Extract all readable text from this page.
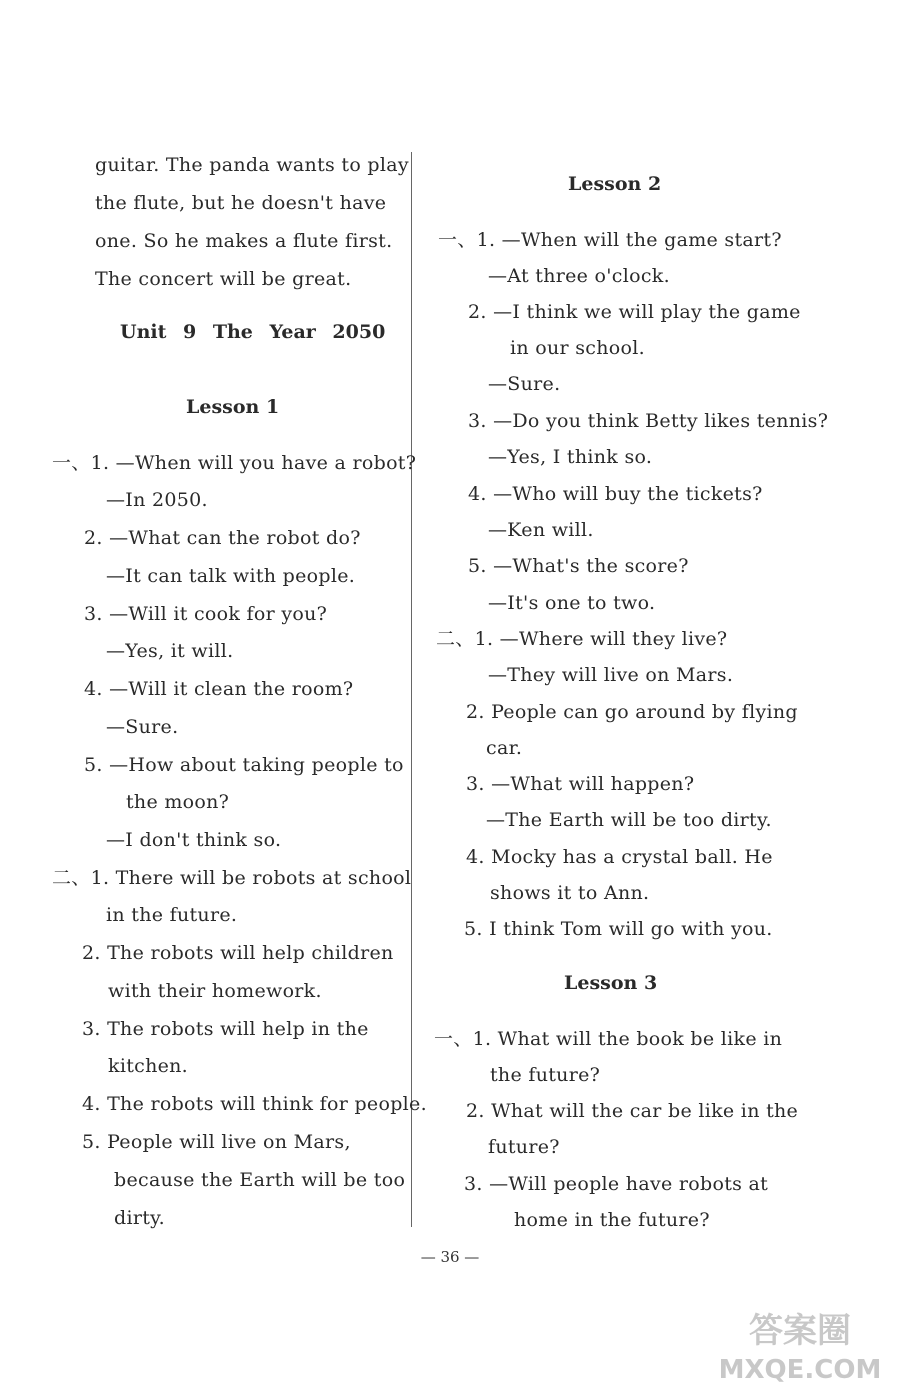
guitar. The panda wants to play
the flute, but he doesn't have
one. So he makes a flute first.
The concert will be great.
Unit 9 The Year 2050
Lesson 1
一、1. —When will you have a robot?
—In 2050.
2. —What can the robot do?
—It can talk with people.
3. —Will it cook for you?
—Yes, it will.
4. —Will it clean the room?
—Sure.
5. —How about taking people to
the moon?
—I don't think so.
二、1. There will be robots at school
in the future.
2. The robots will help children
with their homework.
3. The robots will help in the
kitchen.
4. The robots will think for people.
5. People will live on Mars,
because the Earth will be too
dirty.
Lesson 2
一、1. —When will the game start?
—At three o'clock.
2. —I think we will play the game
in our school.
—Sure.
3. —Do you think Betty likes tennis?
—Yes, I think so.
4. —Who will buy the tickets?
—Ken will.
5. —What's the score?
—It's one to two.
二、1. —Where will they live?
—They will live on Mars.
2. People can go around by flying
car.
3. —What will happen?
—The Earth will be too dirty.
4. Mocky has a crystal ball. He
shows it to Ann.
5. I think Tom will go with you.
Lesson 3
一、1. What will the book be like in
the future?
2. What will the car be like in the
future?
3. —Will people have robots at
home in the future?
— 36 —
答案圈
MXQE.COM
